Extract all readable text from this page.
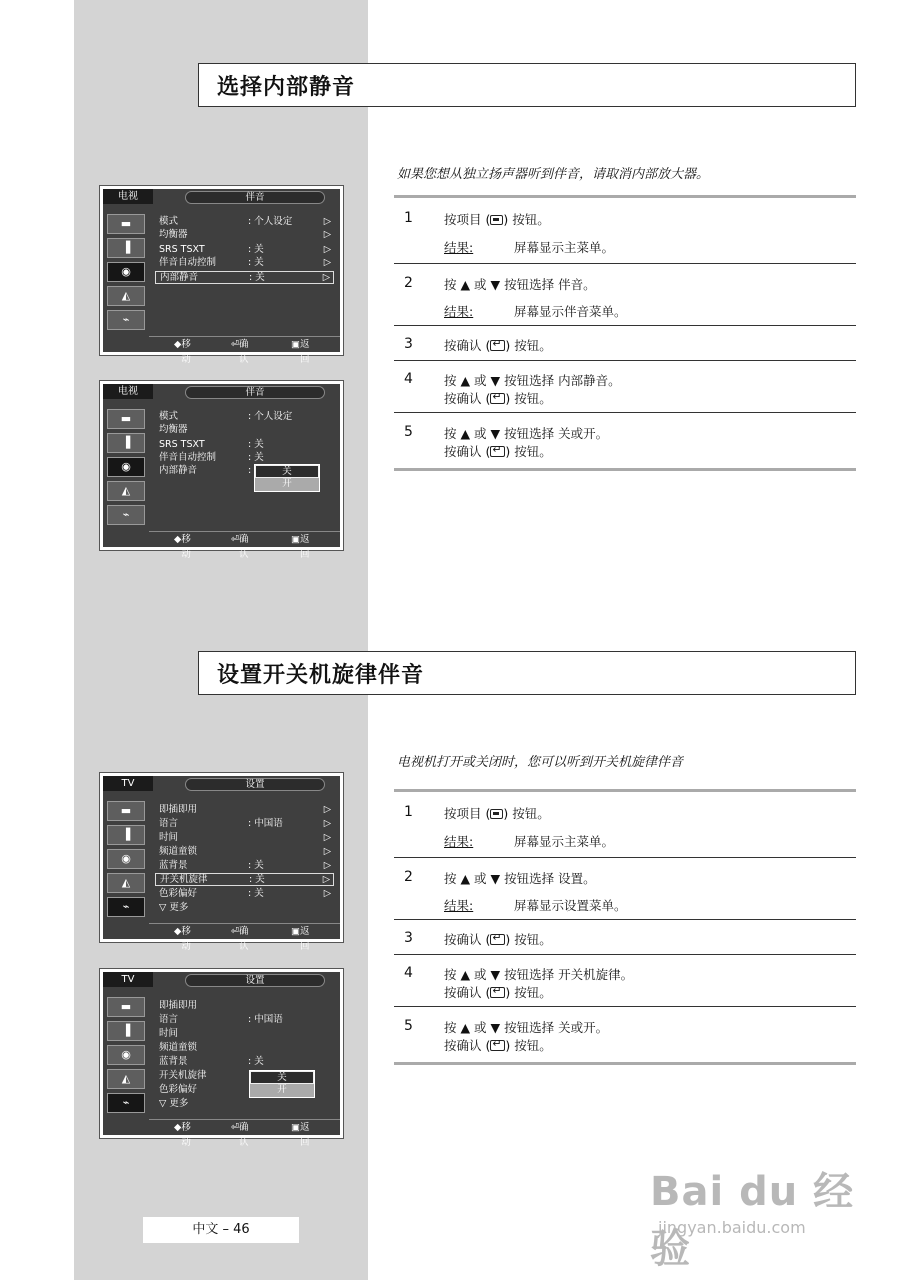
选择内部静音
如果您想从独立扬声器听到伴音，请取消内部放大器。
1	按项目 ( ) 按钮。
结果:	屏幕显示主菜单。
2	按 ▲ 或 ▼ 按钮选择 伴音。
结果:	屏幕显示伴音菜单。
3	按确认 ( ↵ ) 按钮。
4	按 ▲ 或 ▼ 按钮选择 内部静音。
按确认 ( ↵ ) 按钮。
5	按 ▲ 或 ▼ 按钮选择 关或开。
按确认 ( ↵ ) 按钮。
电视	伴音
▬
▐
◉
◭
⌁
模式	: 个人设定	▷
均衡器	▷
SRS TSXT	: 关	▷
伴音自动控制	: 关	▷
内部静音	: 关	▷
◆ 移动
⏎ 确认
▣ 返回
电视	伴音
▬
▐
◉
◭
⌁
模式	: 个人设定
均衡器
SRS TSXT	: 关
伴音自动控制	: 关
内部静音	:	关
开
◆ 移动
⏎ 确认
▣ 返回
设置开关机旋律伴音
电视机打开或关闭时，您可以听到开关机旋律伴音
1	按项目 ( ) 按钮。
结果:	屏幕显示主菜单。
2	按 ▲ 或 ▼ 按钮选择 设置。
结果:	屏幕显示设置菜单。
3	按确认 ( ↵ ) 按钮。
4	按 ▲ 或 ▼ 按钮选择 开关机旋律。
按确认 ( ↵ ) 按钮。
5	按 ▲ 或 ▼ 按钮选择 关或开。
按确认 ( ↵ ) 按钮。
TV	设置
▬
▐
◉
◭
⌁
即插即用	▷
语言	: 中国语	▷
时间	▷
频道童锁	▷
蓝背景	: 关	▷
开关机旋律	: 关	▷
色彩偏好	: 关	▷
▽ 更多
◆ 移动
⏎ 确认
▣ 返回
TV	设置
▬
▐
◉
◭
⌁
即插即用
语言	: 中国语
时间
频道童锁
蓝背景	: 关
开关机旋律
色彩偏好
▽ 更多
关
开
◆ 移动
⏎ 确认
▣ 返回
中文 – 46
Bai du 经验
jingyan.baidu.com
